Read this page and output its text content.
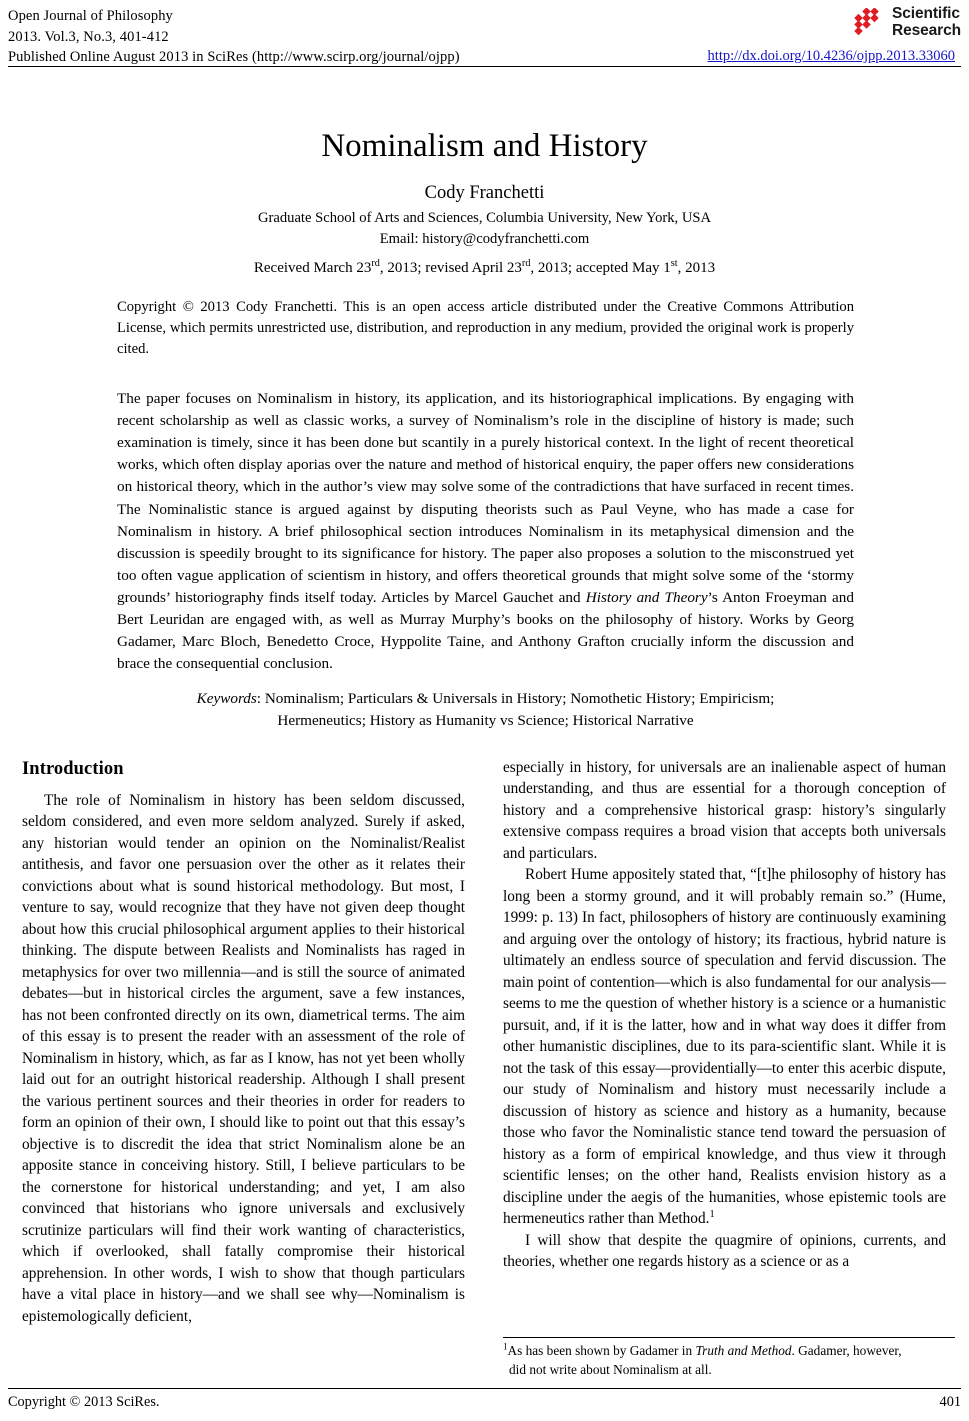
Open Journal of Philosophy
2013. Vol.3, No.3, 401-412
Published Online August 2013 in SciRes (http://www.scirp.org/journal/ojpp)
Scientific
Research
http://dx.doi.org/10.4236/ojpp.2013.33060
Nominalism and History
Cody Franchetti
Graduate School of Arts and Sciences, Columbia University, New York, USA
Email: history@codyfranchetti.com
Received March 23rd, 2013; revised April 23rd, 2013; accepted May 1st, 2013
Copyright © 2013 Cody Franchetti. This is an open access article distributed under the Creative Commons Attribution License, which permits unrestricted use, distribution, and reproduction in any medium, provided the original work is properly cited.
The paper focuses on Nominalism in history, its application, and its historiographical implications. By engaging with recent scholarship as well as classic works, a survey of Nominalism’s role in the discipline of history is made; such examination is timely, since it has been done but scantily in a purely historical context. In the light of recent theoretical works, which often display aporias over the nature and method of historical enquiry, the paper offers new considerations on historical theory, which in the author’s view may solve some of the contradictions that have surfaced in recent times. The Nominalistic stance is argued against by disputing theorists such as Paul Veyne, who has made a case for Nominalism in history. A brief philosophical section introduces Nominalism in its metaphysical dimension and the discussion is speedily brought to its significance for history. The paper also proposes a solution to the misconstrued yet too often vague application of scientism in history, and offers theoretical grounds that might solve some of the ‘stormy grounds’ historiography finds itself today. Articles by Marcel Gauchet and History and Theory’s Anton Froeyman and Bert Leuridan are engaged with, as well as Murray Murphy’s books on the philosophy of history. Works by Georg Gadamer, Marc Bloch, Benedetto Croce, Hyppolite Taine, and Anthony Grafton crucially inform the discussion and brace the consequential conclusion.
Keywords: Nominalism; Particulars & Universals in History; Nomothetic History; Empiricism;
Hermeneutics; History as Humanity vs Science; Historical Narrative
Introduction

The role of Nominalism in history has been seldom discussed, seldom considered, and even more seldom analyzed. Surely if asked, any historian would tender an opinion on the Nominalist/Realist antithesis, and favor one persuasion over the other as it relates their convictions about what is sound historical methodology. But most, I venture to say, would recognize that they have not given deep thought about how this crucial philosophical argument applies to their historical thinking. The dispute between Realists and Nominalists has raged in metaphysics for over two millennia—and is still the source of animated debates—but in historical circles the argument, save a few instances, has not been confronted directly on its own, diametrical terms. The aim of this essay is to present the reader with an assessment of the role of Nominalism in history, which, as far as I know, has not yet been wholly laid out for an outright historical readership. Although I shall present the various pertinent sources and their theories in order for readers to form an opinion of their own, I should like to point out that this essay’s objective is to discredit the idea that strict Nominalism alone be an apposite stance in conceiving history. Still, I believe particulars to be the cornerstone for historical understanding; and yet, I am also convinced that historians who ignore universals and exclusively scrutinize particulars will find their work wanting of characteristics, which if overlooked, shall fatally compromise their historical apprehension. In other words, I wish to show that though particulars have a vital place in history—and we shall see why—Nominalism is epistemologically deficient,

especially in history, for universals are an inalienable aspect of human understanding, and thus are essential for a thorough conception of history and a comprehensive historical grasp: history’s singularly extensive compass requires a broad vision that accepts both universals and particulars.

Robert Hume appositely stated that, “[t]he philosophy of history has long been a stormy ground, and it will probably remain so.” (Hume, 1999: p. 13) In fact, philosophers of history are continuously examining and arguing over the ontology of history; its fractious, hybrid nature is ultimately an endless source of speculation and fervid discussion. The main point of contention—which is also fundamental for our analysis—seems to me the question of whether history is a science or a humanistic pursuit, and, if it is the latter, how and in what way does it differ from other humanistic disciplines, due to its para-scientific slant. While it is not the task of this essay—providentially—to enter this acerbic dispute, our study of Nominalism and history must necessarily include a discussion of history as science and history as a humanity, because those who favor the Nominalistic stance tend toward the persuasion of history as a form of empirical knowledge, and thus view it through scientific lenses; on the other hand, Realists envision history as a discipline under the aegis of the humanities, whose epistemic tools are hermeneutics rather than Method.$^1$

I will show that despite the quagmire of opinions, currents, and theories, whether one regards history as a science or as a

$^1$As has been shown by Gadamer in Truth and Method. Gadamer, however,
did not write about Nominalism at all.
Copyright © 2013 SciRes.	401
